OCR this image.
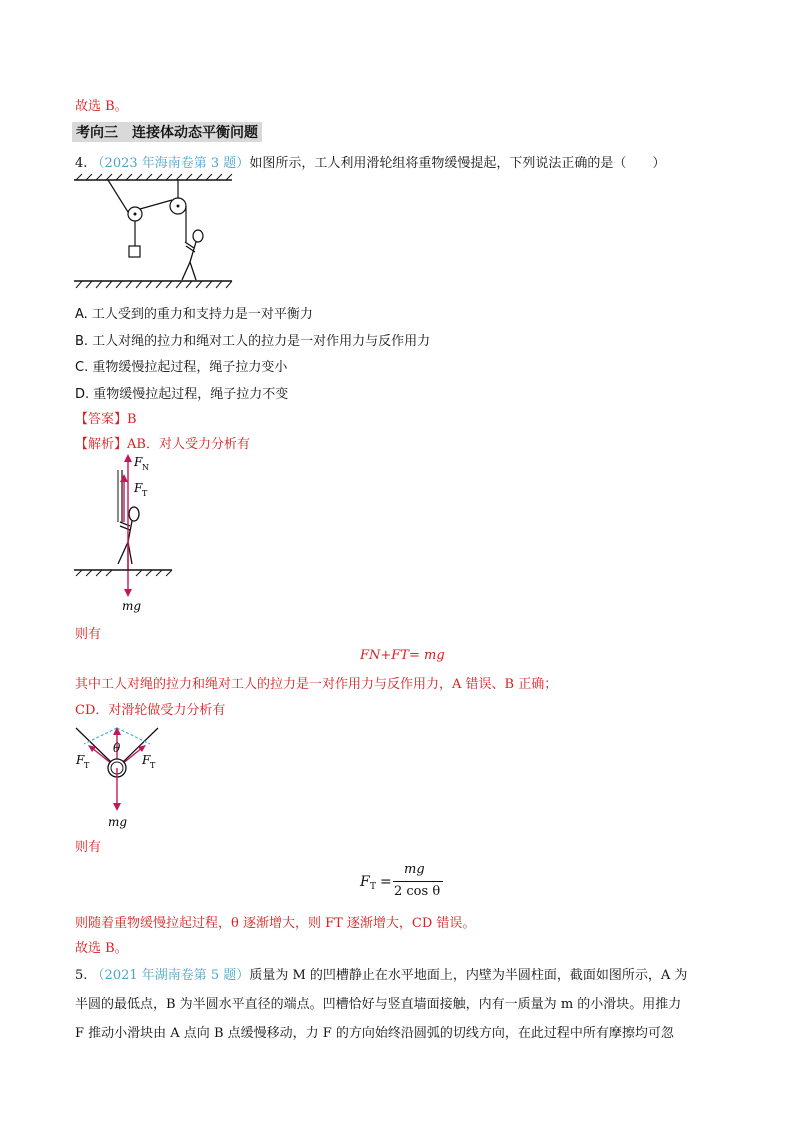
故选 B。
考向三　连接体动态平衡问题
4. （2023 年海南卷第 3 题）如图所示，工人利用滑轮组将重物缓慢提起，下列说法正确的是（　　）
A. 工人受到的重力和支持力是一对平衡力
B. 工人对绳的拉力和绳对工人的拉力是一对作用力与反作用力
C. 重物缓慢拉起过程，绳子拉力变小
D. 重物缓慢拉起过程，绳子拉力不变
【答案】B
【解析】AB．对人受力分析有
F N
F T
mg
则有
FN+FT= mg
其中工人对绳的拉力和绳对工人的拉力是一对作用力与反作用力，A 错误、B 正确；
CD．对滑轮做受力分析有
θ
F T	F T
mg
则有
F T =
mg
2 cos θ
则随着重物缓慢拉起过程，θ 逐渐增大，则 FT 逐渐增大，CD 错误。
故选 B。
5. （2021 年湖南卷第 5 题）质量为 M 的凹槽静止在水平地面上，内壁为半圆柱面，截面如图所示，A 为
半圆的最低点，B 为半圆水平直径的端点。凹槽恰好与竖直墙面接触，内有一质量为 m 的小滑块。用推力
F 推动小滑块由 A 点向 B 点缓慢移动，力 F 的方向始终沿圆弧的切线方向，在此过程中所有摩擦均可忽
